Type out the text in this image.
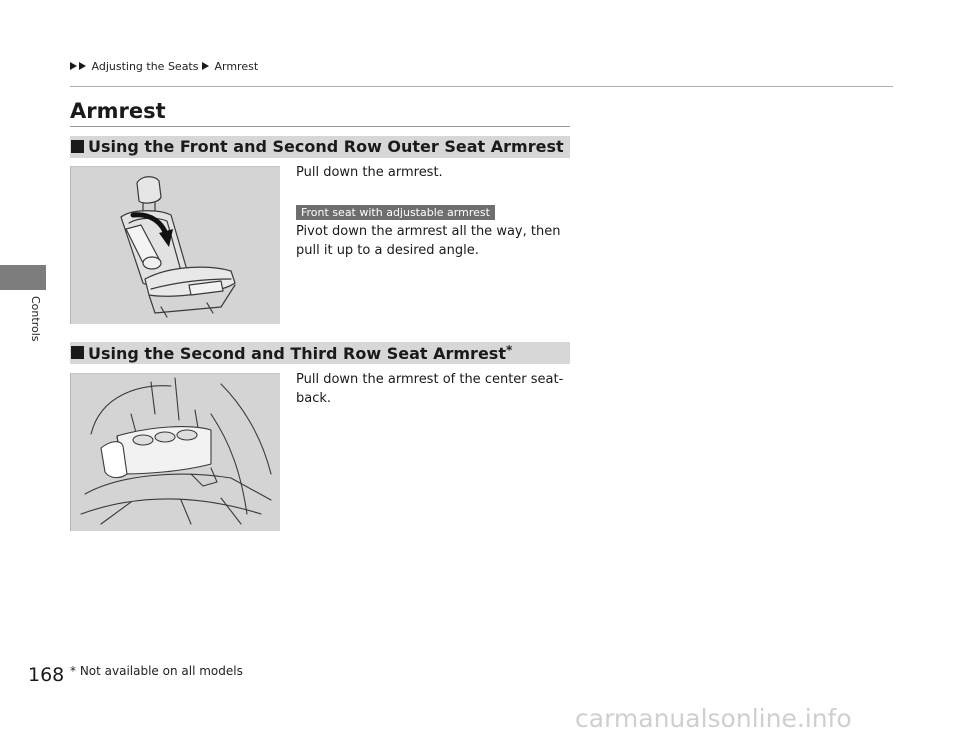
Adjusting the Seats Armrest
Controls
Armrest
Using the Front and Second Row Outer Seat Armrest
Pull down the armrest.
Front seat with adjustable armrest
Pivot down the armrest all the way, then pull it up to a desired angle.
Using the Second and Third Row Seat Armrest*
Pull down the armrest of the center seat-back.
168 * Not available on all models
carmanualsonline.info
